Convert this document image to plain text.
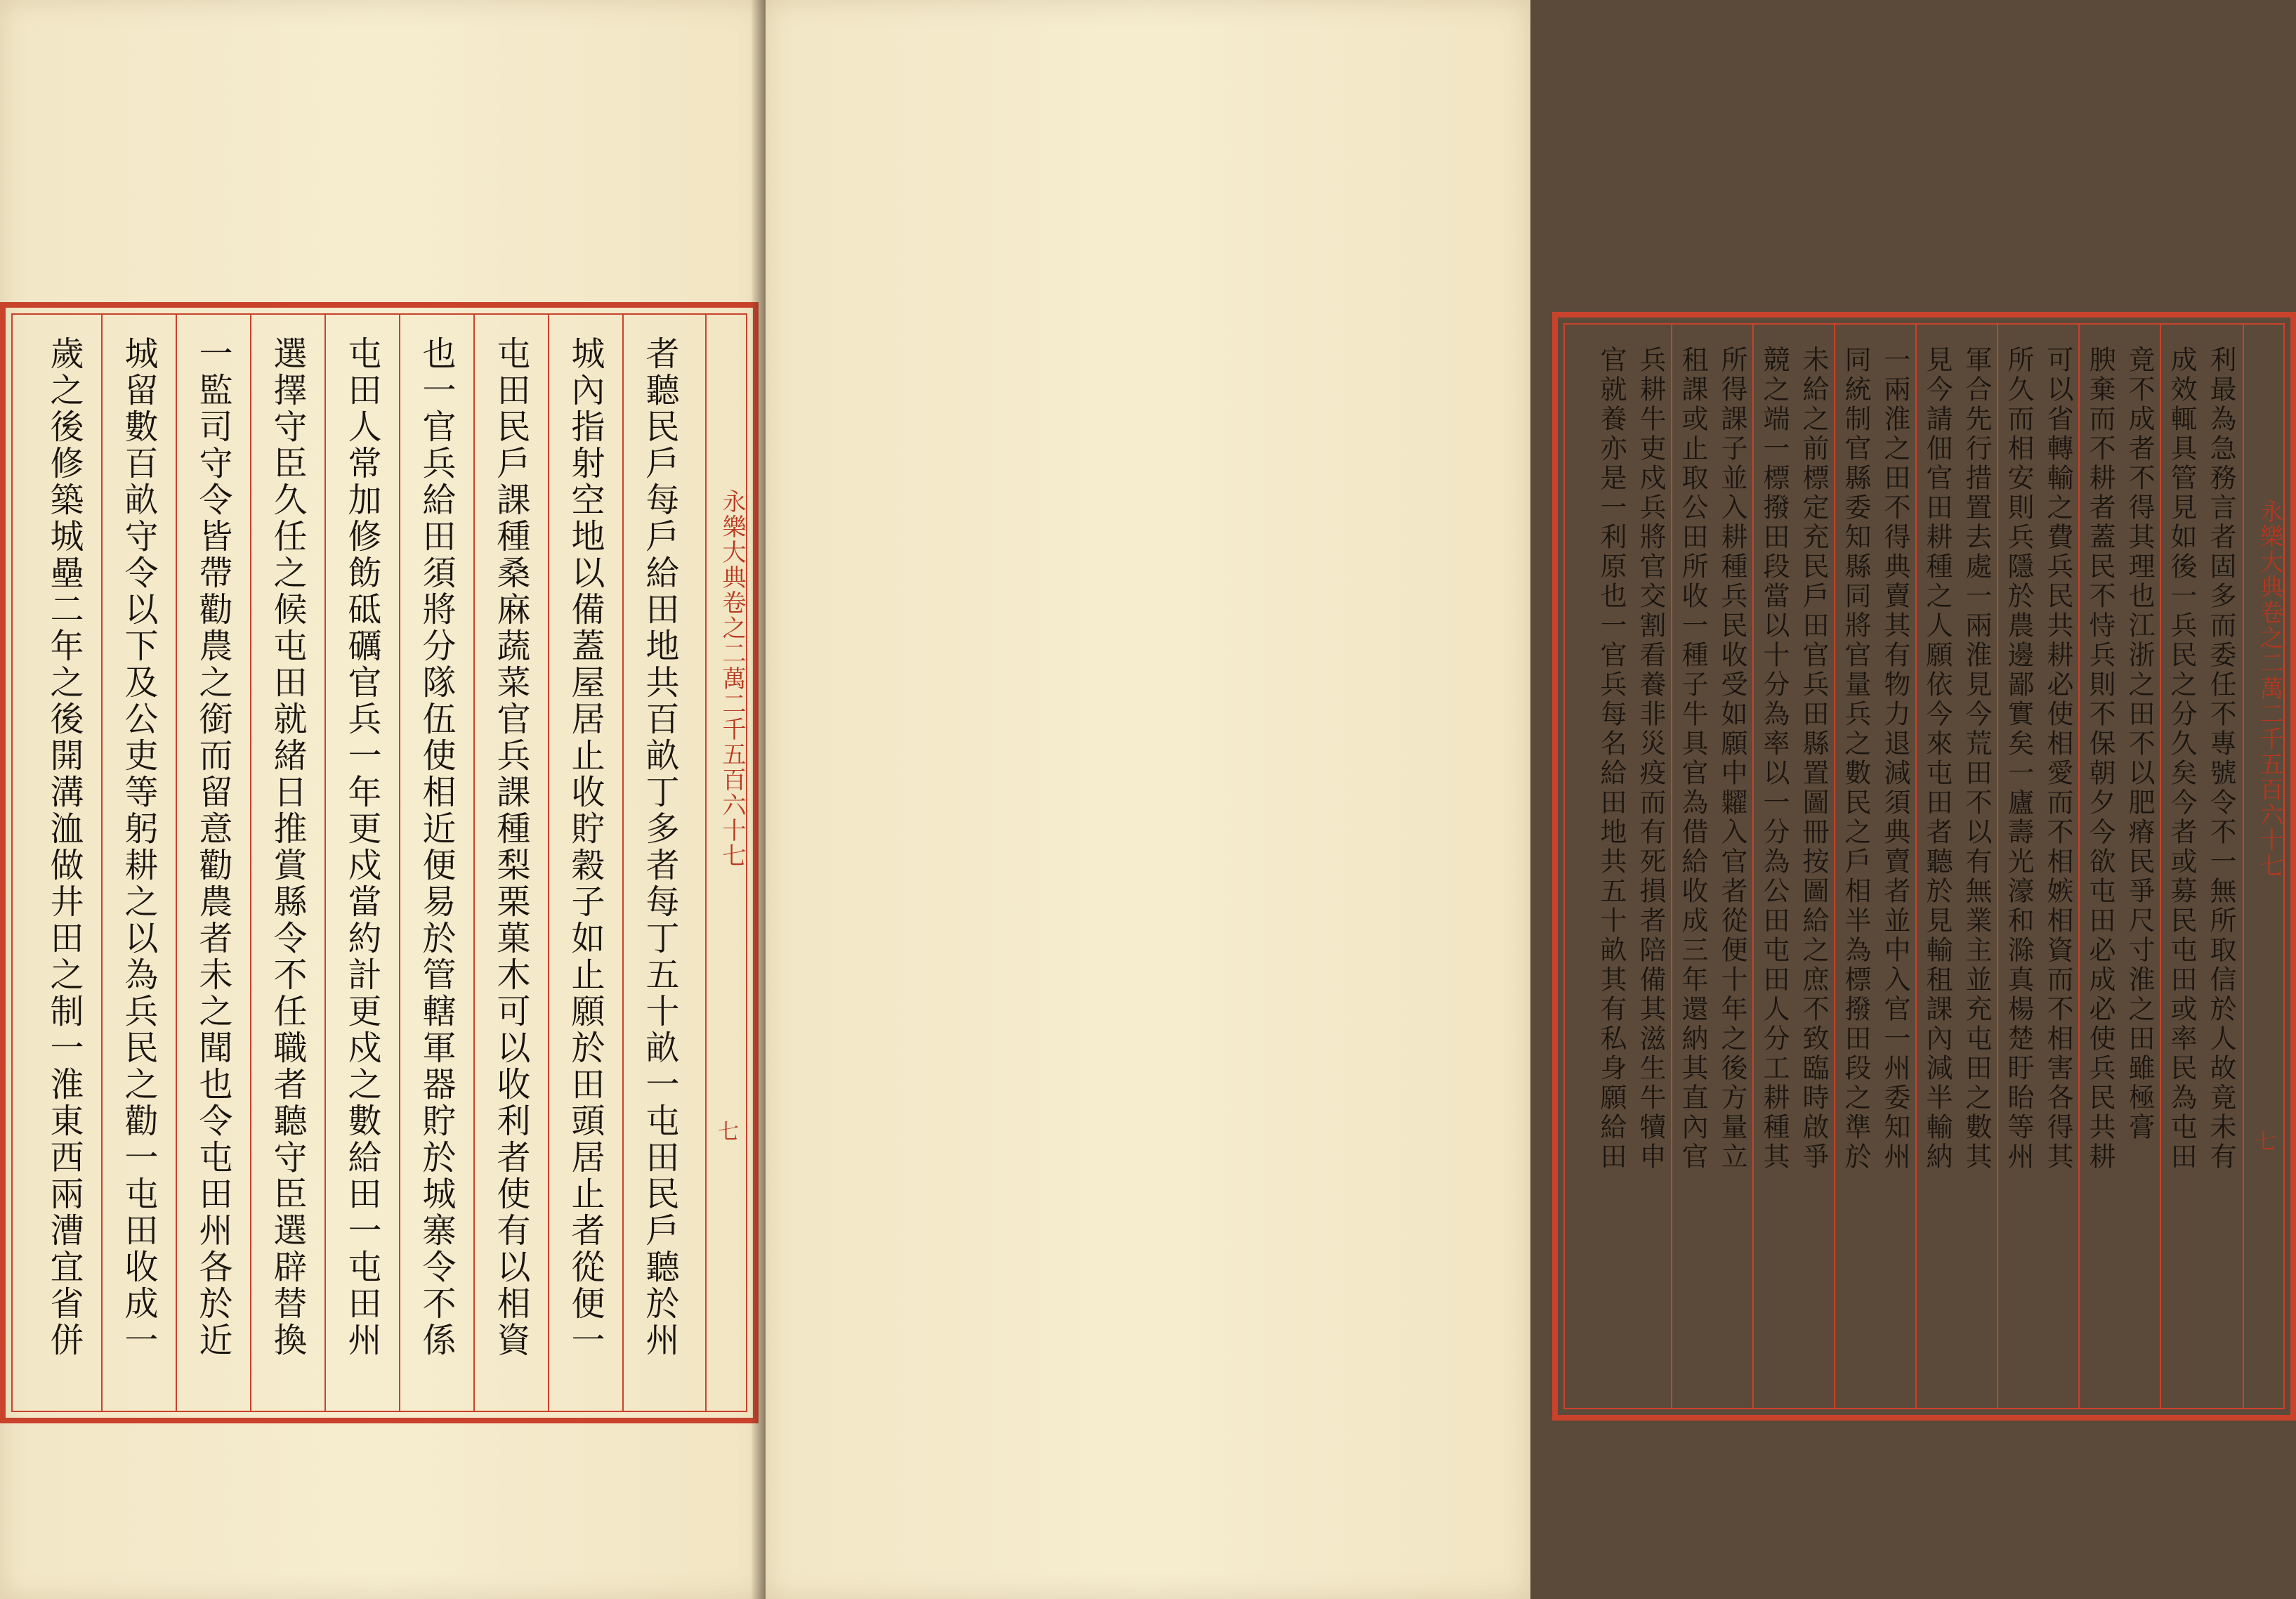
永樂大典卷之二萬二千五百六十七
七
者聽民戶每戶給田地共百畝丁多者每丁五十畝一屯田民戶聽於州
城內指射空地以備蓋屋居止收貯穀子如止願於田頭居止者從便一
屯田民戶課種桑麻蔬菜官兵課種梨栗菓木可以收利者使有以相資
也一官兵給田須將分隊伍使相近便易於管轄軍器貯於城寨令不係
屯田人常加修飭砥礪官兵一年更戍當約計更戍之數給田一屯田州
選擇守臣久任之候屯田就緒日推賞縣令不任職者聽守臣選辟替換
一監司守令皆帶勸農之銜而留意勸農者未之聞也令屯田州各於近
城留數百畝守令以下及公吏等躬耕之以為兵民之勸一屯田收成一
歲之後修築城壘二年之後開溝洫做井田之制一淮東西兩漕宜省併	永樂大典卷之二萬二千五百六十七
七
利最為急務言者固多而委任不專號令不一無所取信於人故竟未有
成效輒具管見如後一兵民之分久矣今者或募民屯田或率民為屯田
竟不成者不得其理也江浙之田不以肥瘠民爭尺寸淮之田雖極膏
腴棄而不耕者蓋民不恃兵則不保朝夕今欲屯田必成必使兵民共耕
可以省轉輸之費兵民共耕必使相愛而不相嫉相資而不相害各得其
所久而相安則兵隱於農邊鄙實矣一廬壽光濠和滁真楊楚盱眙等州
軍合先行措置去處一兩淮見今荒田不以有無業主並充屯田之數其
見今請佃官田耕種之人願依今來屯田者聽於見輸租課內減半輸納
一兩淮之田不得典賣其有物力退減須典賣者並中入官一州委知州
同統制官縣委知縣同將官量兵之數民之戶相半為標撥田段之準於
未給之前標定充民戶田官兵田縣置圖冊按圖給之庶不致臨時啟爭
競之端一標撥田段當以十分為率以一分為公田屯田人分工耕種其
所得課子並入耕種兵民收受如願中糶入官者從便十年之後方量立
租課或止取公田所收一種子牛具官為借給收成三年還納其直內官
兵耕牛吏戍兵將官交割看養非災疫而有死損者陪備其滋生牛犢申
官就養亦是一利原也一官兵每名給田地共五十畝其有私身願給田
